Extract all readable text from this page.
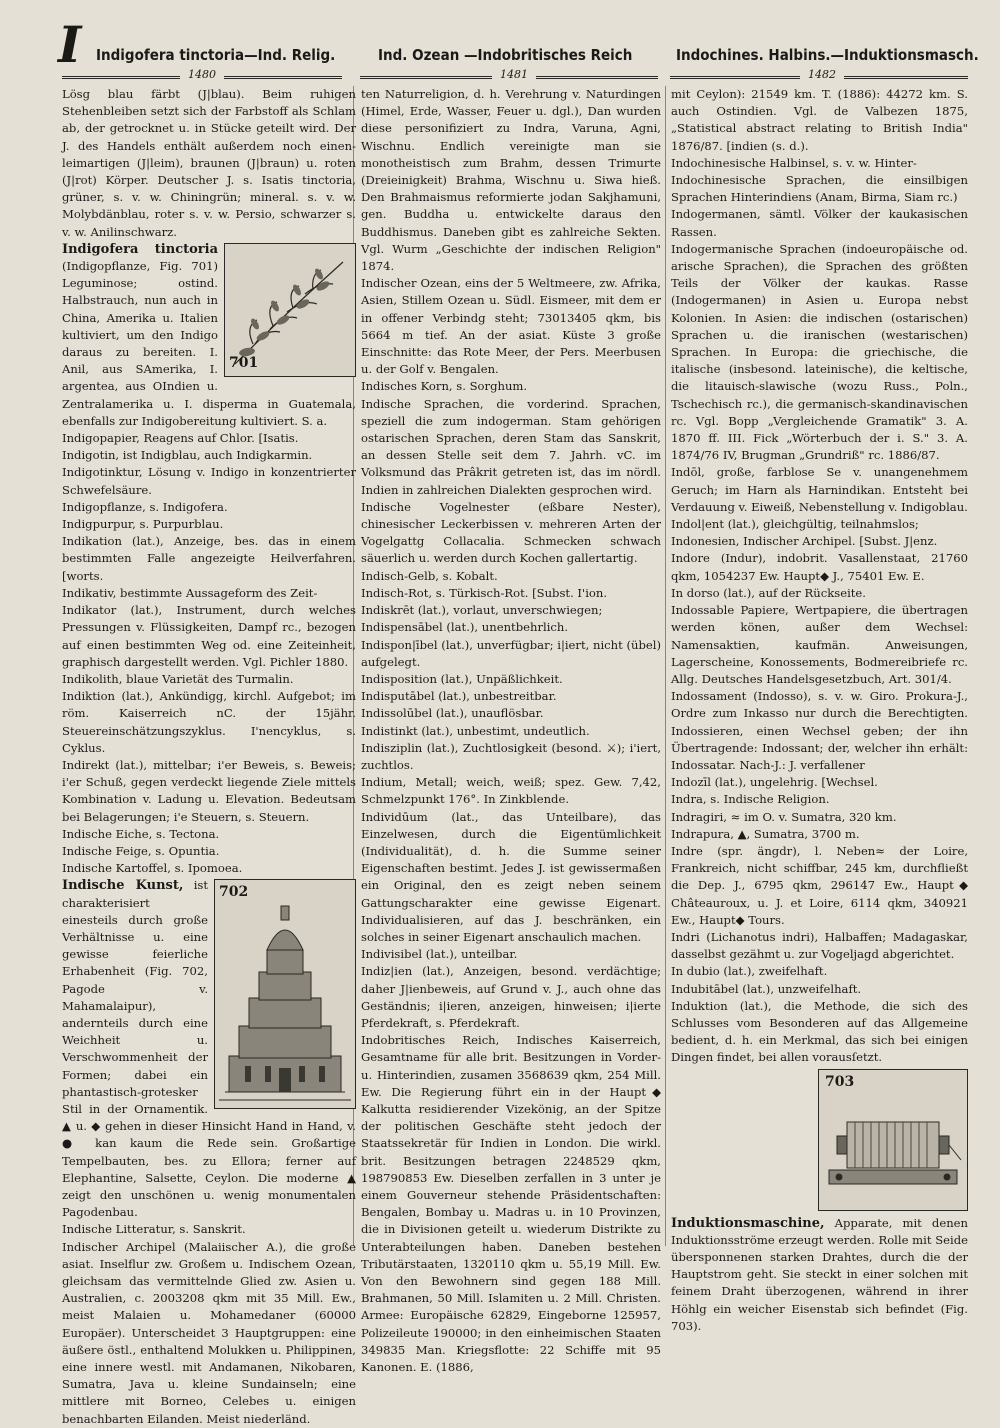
I Indigofera tinctoria—Ind. Relig.	Ind. Ozean —Indobritisches Reich	Indochines. Halbins.—Induktionsmasch.
1480	1481	1482

Lösg blau färbt (J|blau). Beim ruhigen Stehenbleiben setzt sich der Farbstoff als Schlam ab, der getrocknet u. in Stücke geteilt wird. Der J. des Handels enthält außerdem noch einen-leimartigen (J|leim), braunen (J|braun) u. roten (J|rot) Körper. Deutscher J. s. Isatis tinctoria, grüner, s. v. w. Chiningrün; mineral. s. v. w. Molybdänblau, roter s. v. w. Persio, schwarzer s. v. w. Anilinschwarz.

701
Indigofera tinctoria (Indigopflanze, Fig. 701) Leguminose; ostind. Halbstrauch, nun auch in China, Amerika u. Italien kultiviert, um den Indigo daraus zu bereiten. I. Anil, aus SAmerika, I. argentea, aus OIndien u. Zentralamerika u. I. disperma in Guatemala, ebenfalls zur Indigobereitung kultiviert. S. a.

Indigopapier, Reagens auf Chlor. [Isatis.

Indigotin, ist Indigblau, auch Indigkarmin.

Indigotinktur, Lösung v. Indigo in konzentrierter Schwefelsäure.

Indigopflanze, s. Indigofera.

Indigpurpur, s. Purpurblau.

Indikation (lat.), Anzeige, bes. das in einem bestimmten Falle angezeigte Heilverfahren. [worts.

Indikativ, bestimmte Aussageform des Zeit-

Indikator (lat.), Instrument, durch welches Pressungen v. Flüssigkeiten, Dampf rc., bezogen auf einen bestimmten Weg od. eine Zeiteinheit, graphisch dargestellt werden. Vgl. Pichler 1880.

Indikolith, blaue Varietät des Turmalin.

Indiktion (lat.), Ankündigg, kirchl. Aufgebot; im röm. Kaiserreich nC. der 15jähr. Steuereinschätzungszyklus. I'nencyklus, s. Cyklus.

Indirekt (lat.), mittelbar; i'er Beweis, s. Beweis; i'er Schuß, gegen verdeckt liegende Ziele mittels Kombination v. Ladung u. Elevation. Bedeutsam bei Belagerungen; i'e Steuern, s. Steuern.

Indische Eiche, s. Tectona.

Indische Feige, s. Opuntia.

Indische Kartoffel, s. Ipomoea.

702
Indische Kunst, ist charakterisiert einesteils durch große Verhältnisse u. eine gewisse feierliche Erhabenheit (Fig. 702, Pagode v. Mahamalaipur), andernteils durch eine Weichheit u. Verschwommenheit der Formen; dabei ein phantastisch-grotesker Stil in der Ornamentik. ▲ u. ◆ gehen in dieser Hinsicht Hand in Hand, v. ● kan kaum die Rede sein. Großartige Tempelbauten, bes. zu Ellora; ferner auf Elephantine, Salsette, Ceylon. Die moderne ▲ zeigt den unschönen u. wenig monumentalen Pagodenbau.

Indische Litteratur, s. Sanskrit.

Indischer Archipel (Malaiischer A.), die große asiat. Inselflur zw. Großem u. Indischem Ozean, gleichsam das vermittelnde Glied zw. Asien u. Australien, c. 2003208 qkm mit 35 Mill. Ew., meist Malaien u. Mohamedaner (60000 Europäer). Unterscheidet 3 Hauptgruppen: eine äußere östl., enthaltend Molukken u. Philippinen, eine innere westl. mit Andamanen, Nikobaren, Sumatra, Java u. kleine Sundainseln; eine mittlere mit Borneo, Celebes u. einigen benachbarten Eilanden. Meist niederländ.

ten Naturreligion, d. h. Verehrung v. Naturdingen (Himel, Erde, Wasser, Feuer u. dgl.), Dan wurden diese personifiziert zu Indra, Varuna, Agni, Wischnu. Endlich vereinigte man sie monotheistisch zum Brahm, dessen Trimurte (Dreieinigkeit) Brahma, Wischnu u. Siwa hieß. Den Brahmaismus reformierte jodan Sakjhamuni, gen. Buddha u. entwickelte daraus den Buddhismus. Daneben gibt es zahlreiche Sekten. Vgl. Wurm „Geschichte der indischen Religion" 1874.

Indischer Ozean, eins der 5 Weltmeere, zw. Afrika, Asien, Stillem Ozean u. Südl. Eismeer, mit dem er in offener Verbindg steht; 73013405 qkm, bis 5664 m tief. An der asiat. Küste 3 große Einschnitte: das Rote Meer, der Pers. Meerbusen u. der Golf v. Bengalen.

Indisches Korn, s. Sorghum.

Indische Sprachen, die vorderind. Sprachen, speziell die zum indogerman. Stam gehörigen ostarischen Sprachen, deren Stam das Sanskrit, an dessen Stelle seit dem 7. Jahrh. vC. im Volksmund das Prâkrit getreten ist, das im nördl. Indien in zahlreichen Dialekten gesprochen wird.

Indische Vogelnester (eßbare Nester), chinesischer Leckerbissen v. mehreren Arten der Vogelgattg Collacalia. Schmecken schwach säuerlich u. werden durch Kochen gallertartig.

Indisch-Gelb, s. Kobalt.

Indisch-Rot, s. Türkisch-Rot. [Subst. I'ion.

Indiskrēt (lat.), vorlaut, unverschwiegen;

Indispensābel (lat.), unentbehrlich.

Indispon|ībel (lat.), unverfügbar; i|iert, nicht (übel) aufgelegt.

Indisposition (lat.), Unpäßlichkeit.

Indisputābel (lat.), unbestreitbar.

Indissolūbel (lat.), unauflösbar.

Indistinkt (lat.), unbestimt, undeutlich.

Indisziplin (lat.), Zuchtlosigkeit (besond. ⚔); i'iert, zuchtlos.

Indium, Metall; weich, weiß; spez. Gew. 7,42, Schmelzpunkt 176°. In Zinkblende.

Individūum (lat., das Unteilbare), das Einzelwesen, durch die Eigentümlichkeit (Individualität), d. h. die Summe seiner Eigenschaften bestimt. Jedes J. ist gewissermaßen ein Original, den es zeigt neben seinem Gattungscharakter eine gewisse Eigenart. Individualisieren, auf das J. beschränken, ein solches in seiner Eigenart anschaulich machen.

Indivisibel (lat.), unteilbar.

Indiz|ien (lat.), Anzeigen, besond. verdächtige; daher J|ienbeweis, auf Grund v. J., auch ohne das Geständnis; i|ieren, anzeigen, hinweisen; i|ierte Pferdekraft, s. Pferdekraft.

Indobritisches Reich, Indisches Kaiserreich, Gesamtname für alle brit. Besitzungen in Vorder- u. Hinterindien, zusamen 3568639 qkm, 254 Mill. Ew. Die Regierung führt ein in der Haupt◆ Kalkutta residierender Vizekönig, an der Spitze der politischen Geschäfte steht jedoch der Staatssekretär für Indien in London. Die wirkl. brit. Besitzungen betragen 2248529 qkm, 198790853 Ew. Dieselben zerfallen in 3 unter je einem Gouverneur stehende Präsidentschaften: Bengalen, Bombay u. Madras u. in 10 Provinzen, die in Divisionen geteilt u. wiederum Distrikte zu Unterabteilungen haben. Daneben bestehen Tributärstaaten, 1320110 qkm u. 55,19 Mill. Ew. Von den Bewohnern sind gegen 188 Mill. Brahmanen, 50 Mill. Islamiten u. 2 Mill. Christen. Armee: Europäische 62829, Eingeborne 125957, Polizeileute 190000; in den einheimischen Staaten 349835 Man. Kriegsflotte: 22 Schiffe mit 95 Kanonen. E. (1886,

mit Ceylon): 21549 km. T. (1886): 44272 km. S. auch Ostindien. Vgl. de Valbezen 1875, „Statistical abstract relating to British India" 1876/87. [indien (s. d.).

Indochinesische Halbinsel, s. v. w. Hinter-

Indochinesische Sprachen, die einsilbigen Sprachen Hinterindiens (Anam, Birma, Siam rc.)

Indogermanen, sämtl. Völker der kaukasischen Rassen.

Indogermanische Sprachen (indoeuropäische od. arische Sprachen), die Sprachen des größten Teils der Völker der kaukas. Rasse (Indogermanen) in Asien u. Europa nebst Kolonien. In Asien: die indischen (ostarischen) Sprachen u. die iranischen (westarischen) Sprachen. In Europa: die griechische, die italische (insbesond. lateinische), die keltische, die litauisch-slawische (wozu Russ., Poln., Tschechisch rc.), die germanisch-skandinavischen rc. Vgl. Bopp „Vergleichende Gramatik" 3. A. 1870 ff. III. Fick „Wörterbuch der i. S." 3. A. 1874/76 IV, Brugman „Grundriß" rc. 1886/87.

Indōl, große, farblose Se v. unangenehmem Geruch; im Harn als Harnindikan. Entsteht bei Verdauung v. Eiweiß, Nebenstellung v. Indigoblau.

Indol|ent (lat.), gleichgültig, teilnahmslos;

Indonesien, Indischer Archipel. [Subst. J|enz.

Indore (Indur), indobrit. Vasallenstaat, 21760 qkm, 1054237 Ew. Haupt◆ J., 75401 Ew. E.

In dorso (lat.), auf der Rückseite.

Indossable Papiere, Wertpapiere, die übertragen werden könen, außer dem Wechsel: Namensaktien, kaufmän. Anweisungen, Lagerscheine, Konossements, Bodmereibriefe rc. Allg. Deutsches Handelsgesetzbuch, Art. 301/4.

Indossament (Indosso), s. v. w. Giro. Prokura-J., Ordre zum Inkasso nur durch die Berechtigten. Indossieren, einen Wechsel geben; der ihn Übertragende: Indossant; der, welcher ihn erhält: Indossatar. Nach-J.: J. verfallener

Indozīl (lat.), ungelehrig. [Wechsel.

Indra, s. Indische Religion.

Indragiri, ≈ im O. v. Sumatra, 320 km.

Indrapura, ▲, Sumatra, 3700 m.

Indre (spr. ängdr), l. Neben≈ der Loire, Frankreich, nicht schiffbar, 245 km, durchfließt die Dep. J., 6795 qkm, 296147 Ew., Haupt◆ Châteauroux, u. J. et Loire, 6114 qkm, 340921 Ew., Haupt◆ Tours.

Indri (Lichanotus indri), Halbaffen; Madagaskar, dasselbst gezähmt u. zur Vogeljagd abgerichtet.

In dubio (lat.), zweifelhaft.

Indubitābel (lat.), unzweifelhaft.

Induktion (lat.), die Methode, die sich des Schlusses vom Besonderen auf das Allgemeine bedient, d. h. ein Merkmal, das sich bei einigen Dingen findet, bei allen vorausſetzt.

703
Induktionsmaschine, Apparate, mit denen Induktionsströme erzeugt werden. Rolle mit Seide übersponnenen starken Drahtes, durch die der Hauptstrom geht. Sie steckt in einer solchen mit feinem Draht überzogenen, während in ihrer Höhlg ein weicher Eisenstab sich befindet (Fig. 703).
